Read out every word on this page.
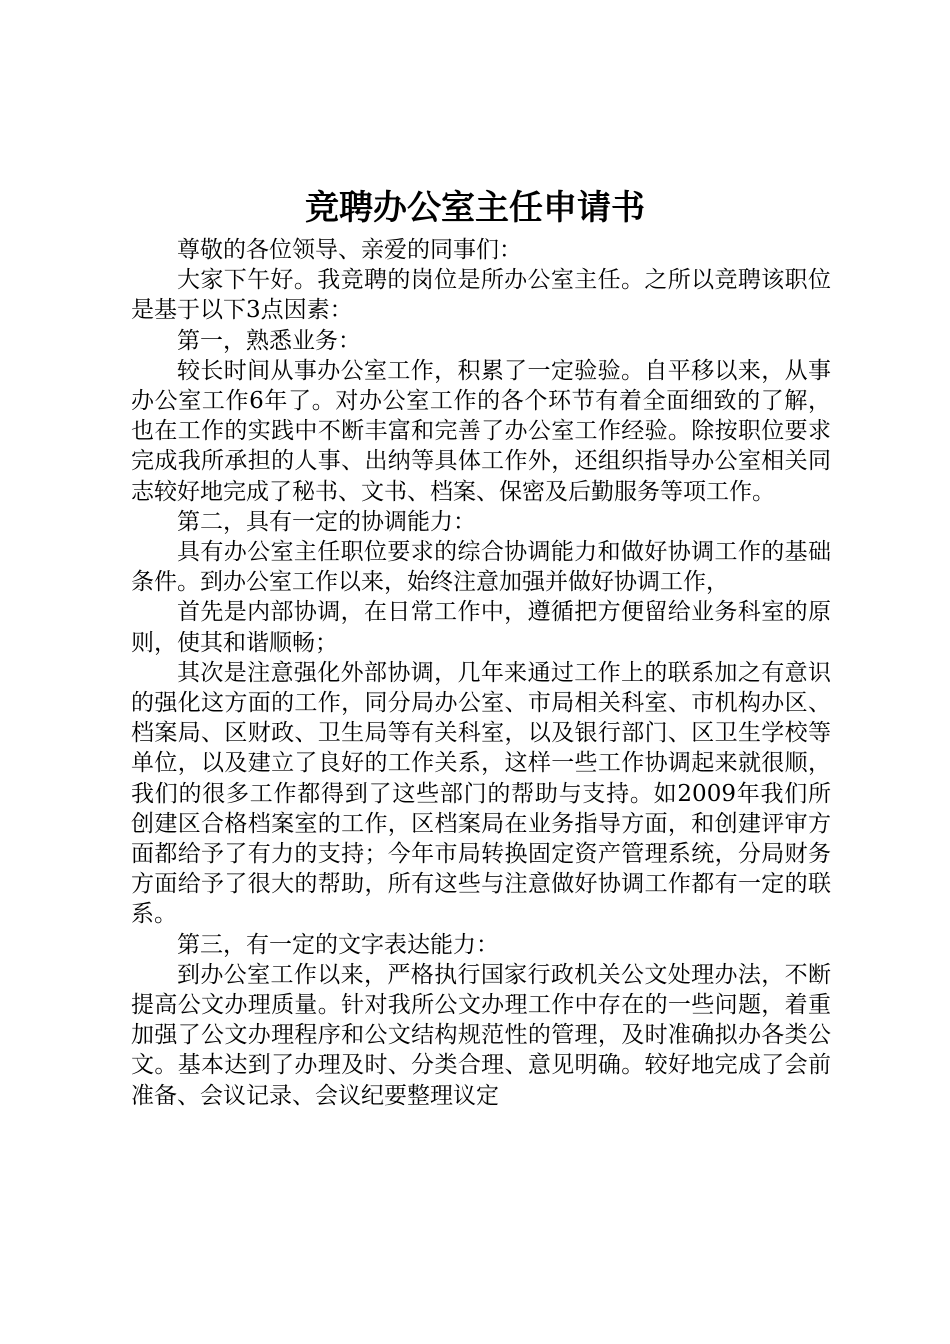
竞聘办公室主任申请书

尊敬的各位领导、亲爱的同事们：

大家下午好。我竞聘的岗位是所办公室主任。之所以竞聘该职位是基于以下3点因素：

第一，熟悉业务：

较长时间从事办公室工作，积累了一定验验。自平移以来，从事办公室工作6年了。对办公室工作的各个环节有着全面细致的了解，也在工作的实践中不断丰富和完善了办公室工作经验。除按职位要求完成我所承担的人事、出纳等具体工作外，还组织指导办公室相关同志较好地完成了秘书、文书、档案、保密及后勤服务等项工作。

第二，具有一定的协调能力：

具有办公室主任职位要求的综合协调能力和做好协调工作的基础条件。到办公室工作以来，始终注意加强并做好协调工作，

首先是内部协调，在日常工作中，遵循把方便留给业务科室的原则，使其和谐顺畅；

其次是注意强化外部协调，几年来通过工作上的联系加之有意识的强化这方面的工作，同分局办公室、市局相关科室、市机构办区、档案局、区财政、卫生局等有关科室，以及银行部门、区卫生学校等单位，以及建立了良好的工作关系，这样一些工作协调起来就很顺，我们的很多工作都得到了这些部门的帮助与支持。如2009年我们所创建区合格档案室的工作，区档案局在业务指导方面，和创建评审方面都给予了有力的支持；今年市局转换固定资产管理系统，分局财务方面给予了很大的帮助，所有这些与注意做好协调工作都有一定的联系。

第三，有一定的文字表达能力：

到办公室工作以来，严格执行国家行政机关公文处理办法，不断提高公文办理质量。针对我所公文办理工作中存在的一些问题，着重加强了公文办理程序和公文结构规范性的管理，及时准确拟办各类公文。基本达到了办理及时、分类合理、意见明确。较好地完成了会前准备、会议记录、会议纪要整理议定
